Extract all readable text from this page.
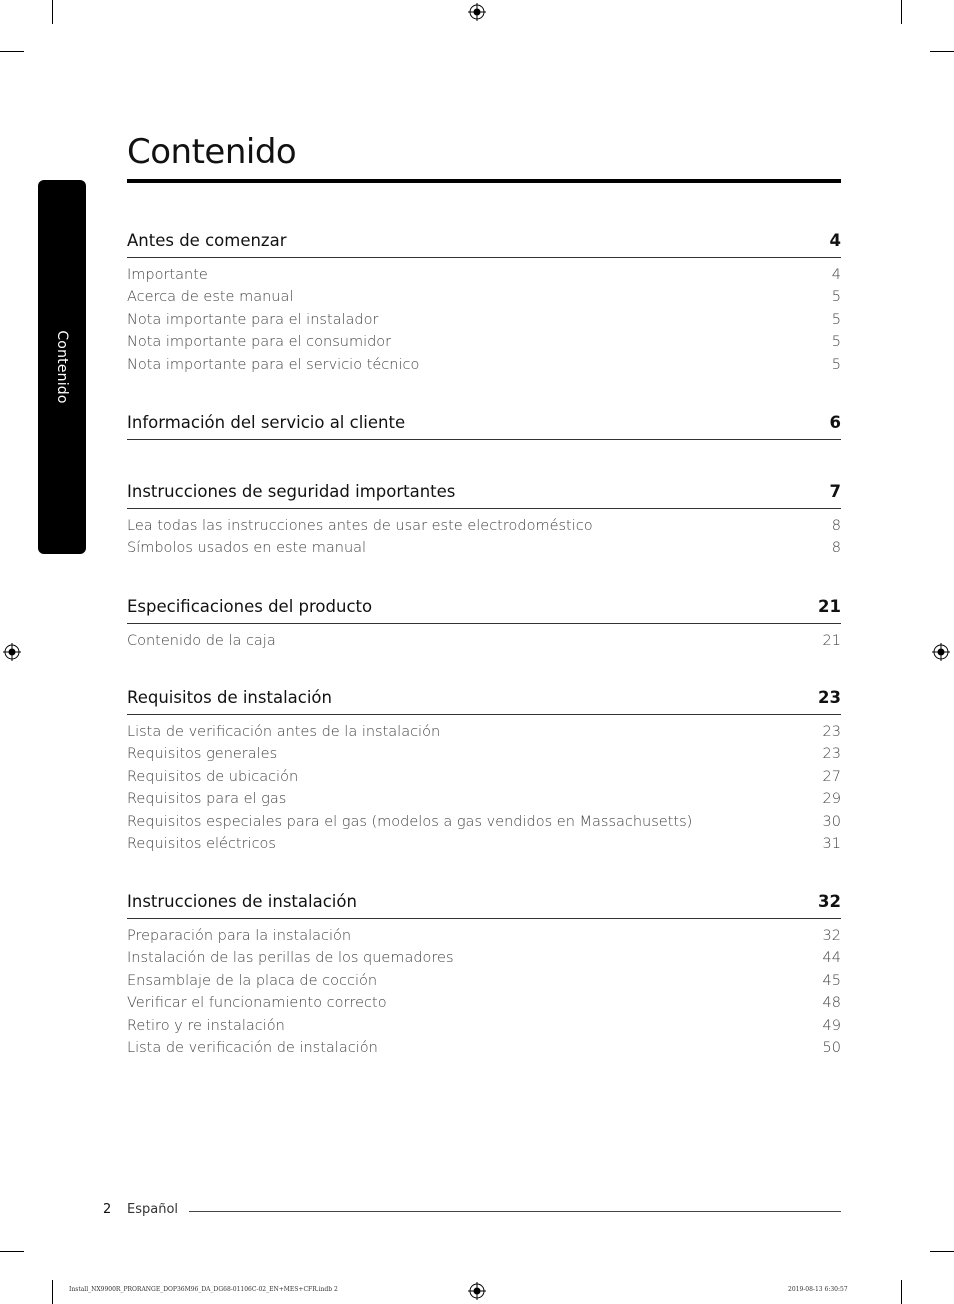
Contenido
Contenido
Antes de comenzar	4
Importante	4
Acerca de este manual	5
Nota importante para el instalador	5
Nota importante para el consumidor	5
Nota importante para el servicio técnico	5
Información del servicio al cliente	6
Instrucciones de seguridad importantes	7
Lea todas las instrucciones antes de usar este electrodoméstico	8
Símbolos usados en este manual	8
Especificaciones del producto	21
Contenido de la caja	21
Requisitos de instalación	23
Lista de verificación antes de la instalación	23
Requisitos generales	23
Requisitos de ubicación	27
Requisitos para el gas	29
Requisitos especiales para el gas (modelos a gas vendidos en Massachusetts)	30
Requisitos eléctricos	31
Instrucciones de instalación	32
Preparación para la instalación	32
Instalación de las perillas de los quemadores	44
Ensamblaje de la placa de cocción	45
Verificar el funcionamiento correcto	48
Retiro y re instalación	49
Lista de verificación de instalación	50
2 Español
Install_NX9900R_PRORANGE_DOP36M96_DA_DG68-01106C-02_EN+MES+CFR.indb 2	2019-08-13 6:30:57
